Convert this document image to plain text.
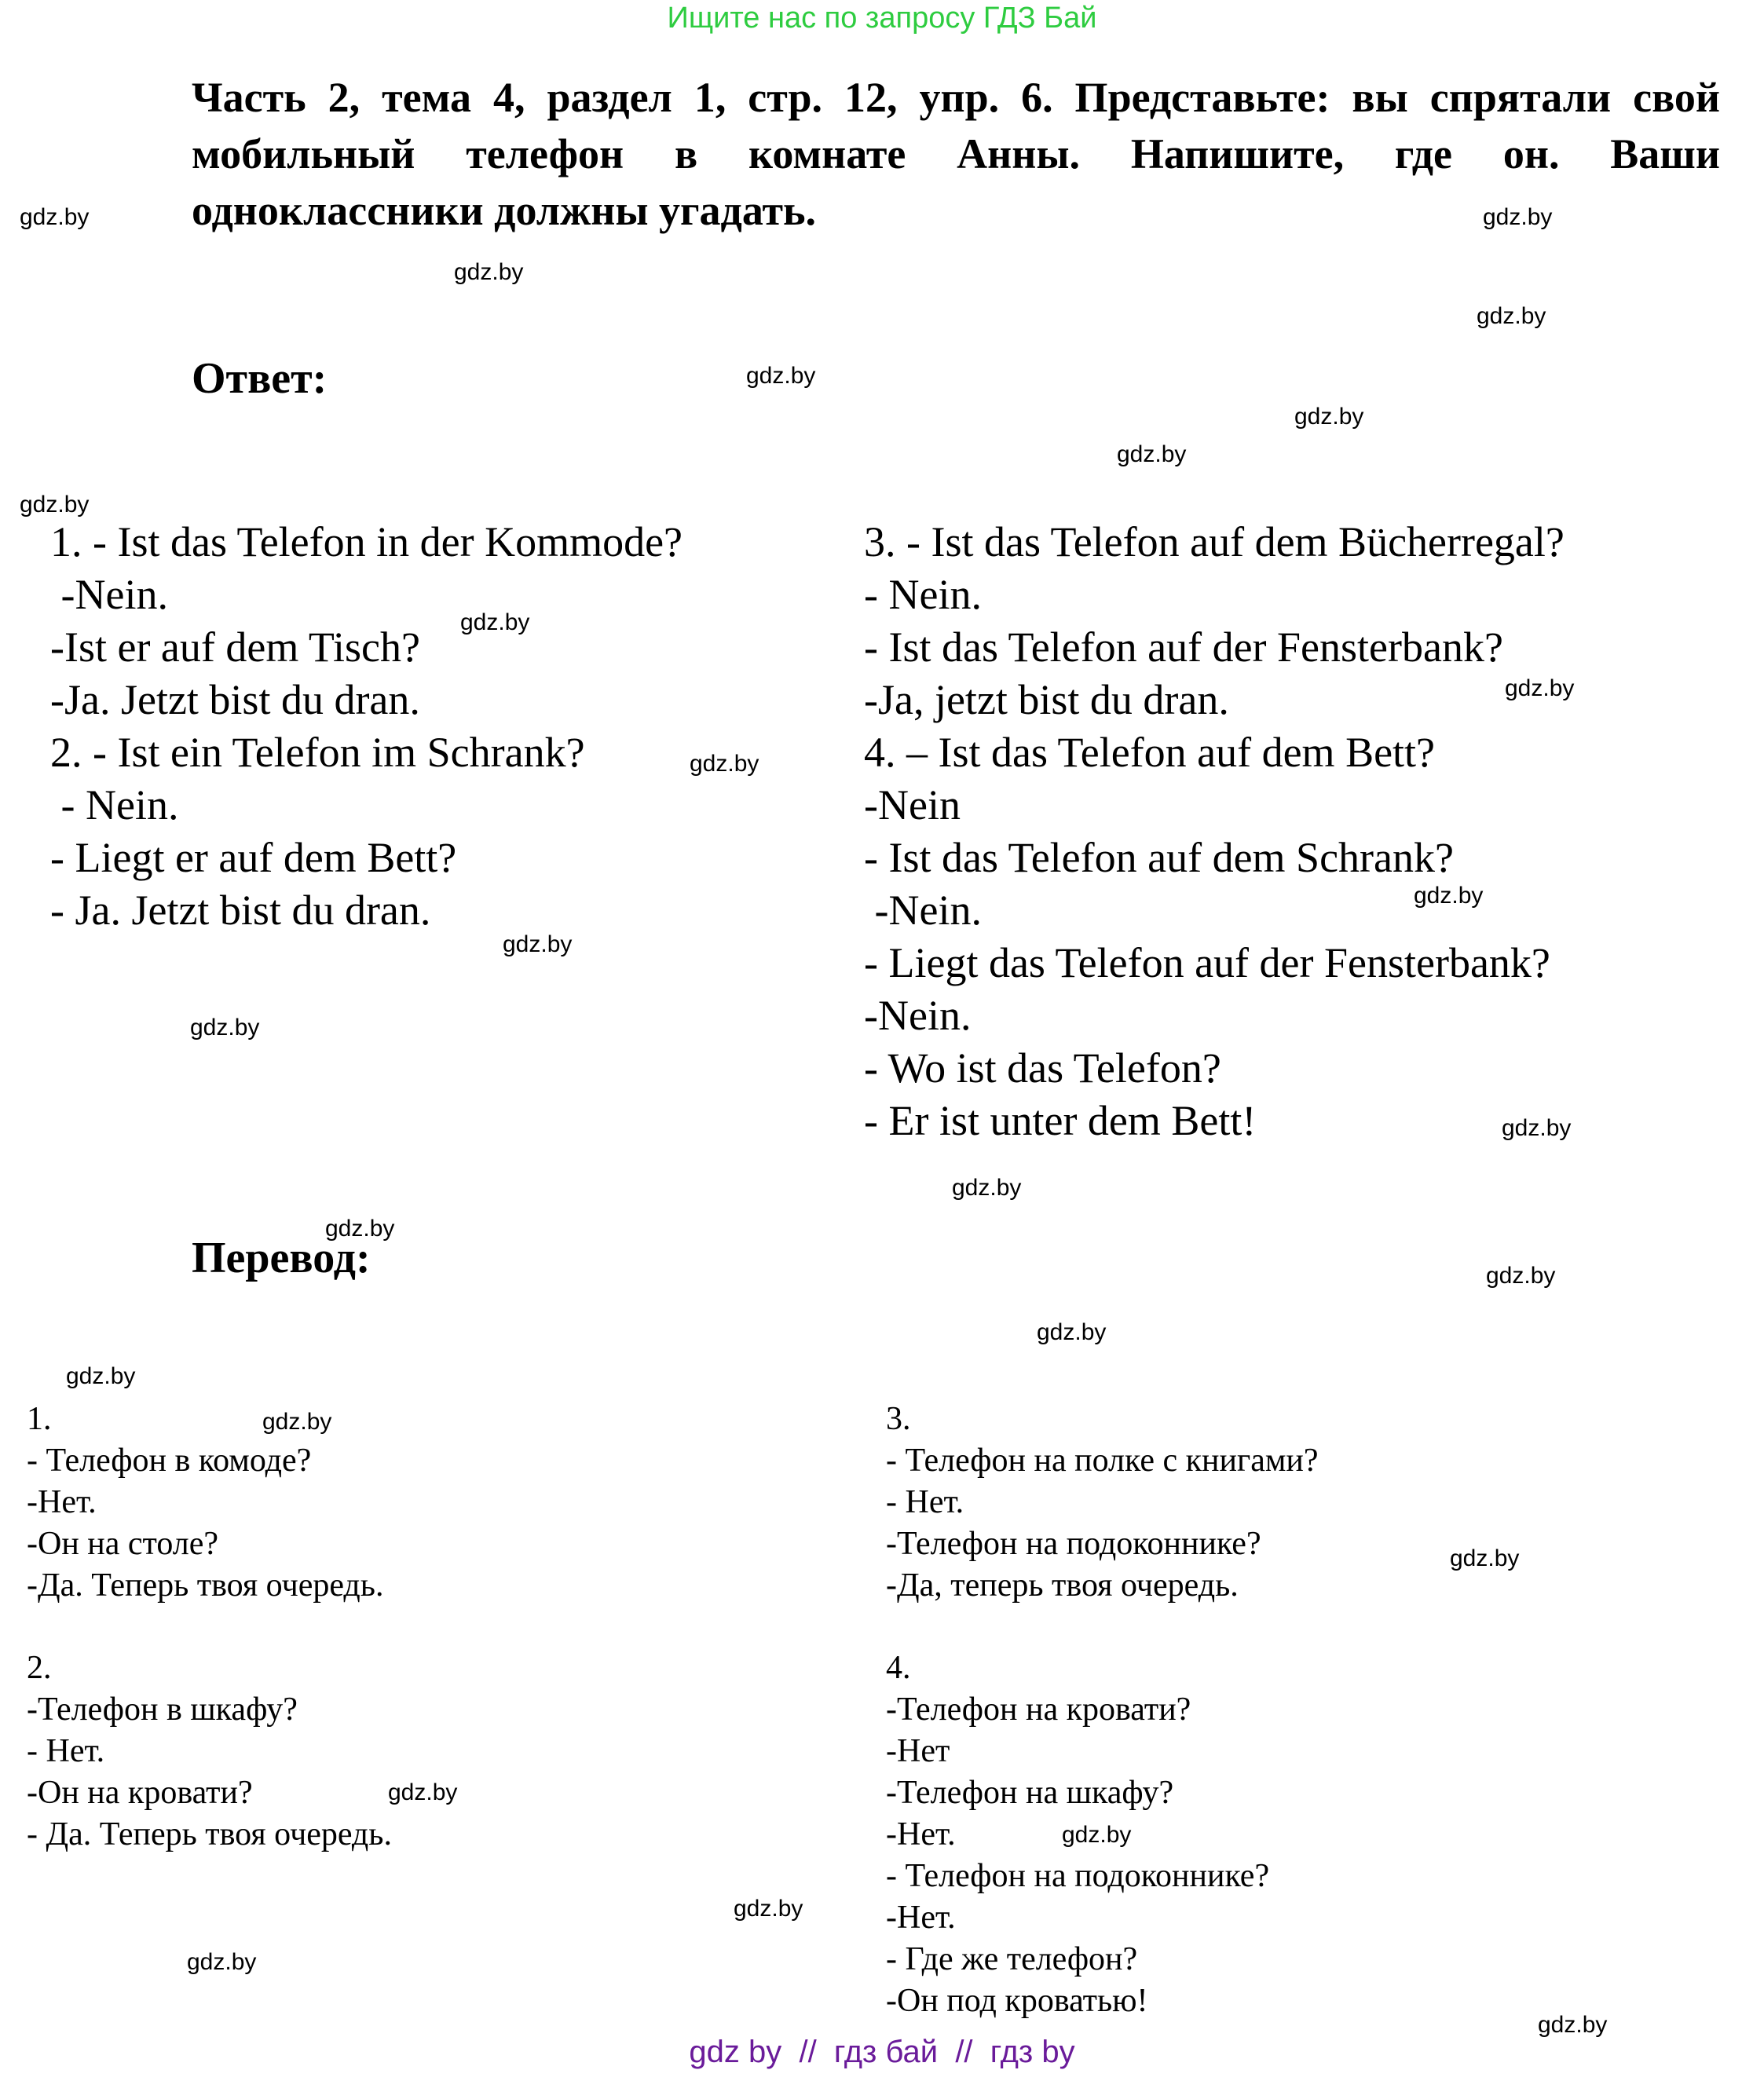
Ищите нас по запросу ГДЗ Бай
Часть 2, тема 4, раздел 1, стр. 12, упр. 6. Представьте: вы спрятали свой
мобильный телефон в комнате Анны. Напишите, где он. Ваши
одноклассники должны угадать.
Ответ:
Перевод:
1. - Ist das Telefon in der Kommode?
-Nein.
-Ist er auf dem Tisch?
-Ja. Jetzt bist du dran.
2. - Ist ein Telefon im Schrank?
- Nein.
- Liegt er auf dem Bett?
- Ja. Jetzt bist du dran.
3. - Ist das Telefon auf dem Bücherregal?
- Nein.
- Ist das Telefon auf der Fensterbank?
-Ja, jetzt bist du dran.
4. – Ist das Telefon auf dem Bett?
-Nein
- Ist das Telefon auf dem Schrank?
-Nein.
- Liegt das Telefon auf der Fensterbank?
-Nein.
- Wo ist das Telefon?
- Er ist unter dem Bett!
1.
- Телефон в комоде?
-Нет.
-Он на столе?
-Да. Теперь твоя очередь.
2.
-Телефон в шкафу?
- Нет.
-Он на кровати?
- Да. Теперь твоя очередь.
3.
- Телефон на полке с книгами?
- Нет.
-Телефон на подоконнике?
-Да, теперь твоя очередь.
4.
-Телефон на кровати?
-Нет
-Телефон на шкафу?
-Нет.
- Телефон на подоконнике?
-Нет.
- Где же телефон?
-Он под кроватью!
gdz.by
gdz.by
gdz.by
gdz.by
gdz.by
gdz.by
gdz.by
gdz.by
gdz.by
gdz.by
gdz.by
gdz.by
gdz.by
gdz.by
gdz.by
gdz.by
gdz.by
gdz.by
gdz.by
gdz.by
gdz.by
gdz.by
gdz.by
gdz.by
gdz.by
gdz.by
gdz.by
gdz by  //  гдз бай  //  гдз by
